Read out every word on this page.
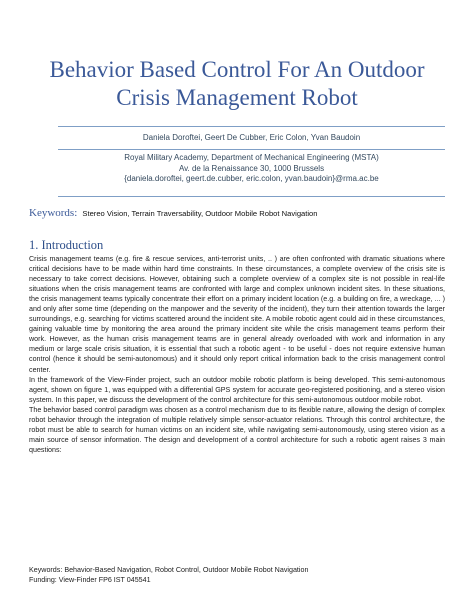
Behavior Based Control For An Outdoor
Crisis Management Robot
Daniela Doroftei, Geert De Cubber, Eric Colon, Yvan Baudoin
Royal Military Academy, Department of Mechanical Engineering (MSTA)
Av. de la Renaissance 30, 1000 Brussels
{daniela.doroftei, geert.de.cubber, eric.colon, yvan.baudoin}@rma.ac.be
Keywords: Stereo Vision, Terrain Traversability, Outdoor Mobile Robot Navigation
1. Introduction

Crisis management teams (e.g. fire & rescue services, anti-terrorist units, .. ) are often confronted with dramatic situations where critical decisions have to be made within hard time constraints. In these circumstances, a complete overview of the crisis site is necessary to take correct decisions. However, obtaining such a complete overview of a complex site is not possible in real-life situations when the crisis management teams are confronted with large and complex unknown incident sites. In these situations, the crisis management teams typically concentrate their effort on a primary incident location (e.g. a building on fire, a wreckage, ... ) and only after some time (depending on the manpower and the severity of the incident), they turn their attention towards the larger surroundings, e.g. searching for victims scattered around the incident site. A mobile robotic agent could aid in these circumstances, gaining valuable time by monitoring the area around the primary incident site while the crisis management teams perform their work. However, as the human crisis management teams are in general already overloaded with work and information in any medium or large scale crisis situation, it is essential that such a robotic agent - to be useful - does not require extensive human control (hence it should be semi-autonomous) and it should only report critical information back to the crisis management control center.

In the framework of the View-Finder project, such an outdoor mobile robotic platform is being developed. This semi-autonomous agent, shown on figure 1, was equipped with a differential GPS system for accurate geo-registered positioning, and a stereo vision system. In this paper, we discuss the development of the control architecture for this semi-autonomous outdoor mobile robot.

The behavior based control paradigm was chosen as a control mechanism due to its flexible nature, allowing the design of complex robot behavior through the integration of multiple relatively simple sensor-actuator relations. Through this control architecture, the robot must be able to search for human victims on an incident site, while navigating semi-autonomously, using stereo vision as a main source of sensor information. The design and development of a control architecture for such a robotic agent raises 3 main questions:

Keywords: Behavior-Based Navigation, Robot Control, Outdoor Mobile Robot Navigation
Funding: View-Finder FP6 IST 045541
